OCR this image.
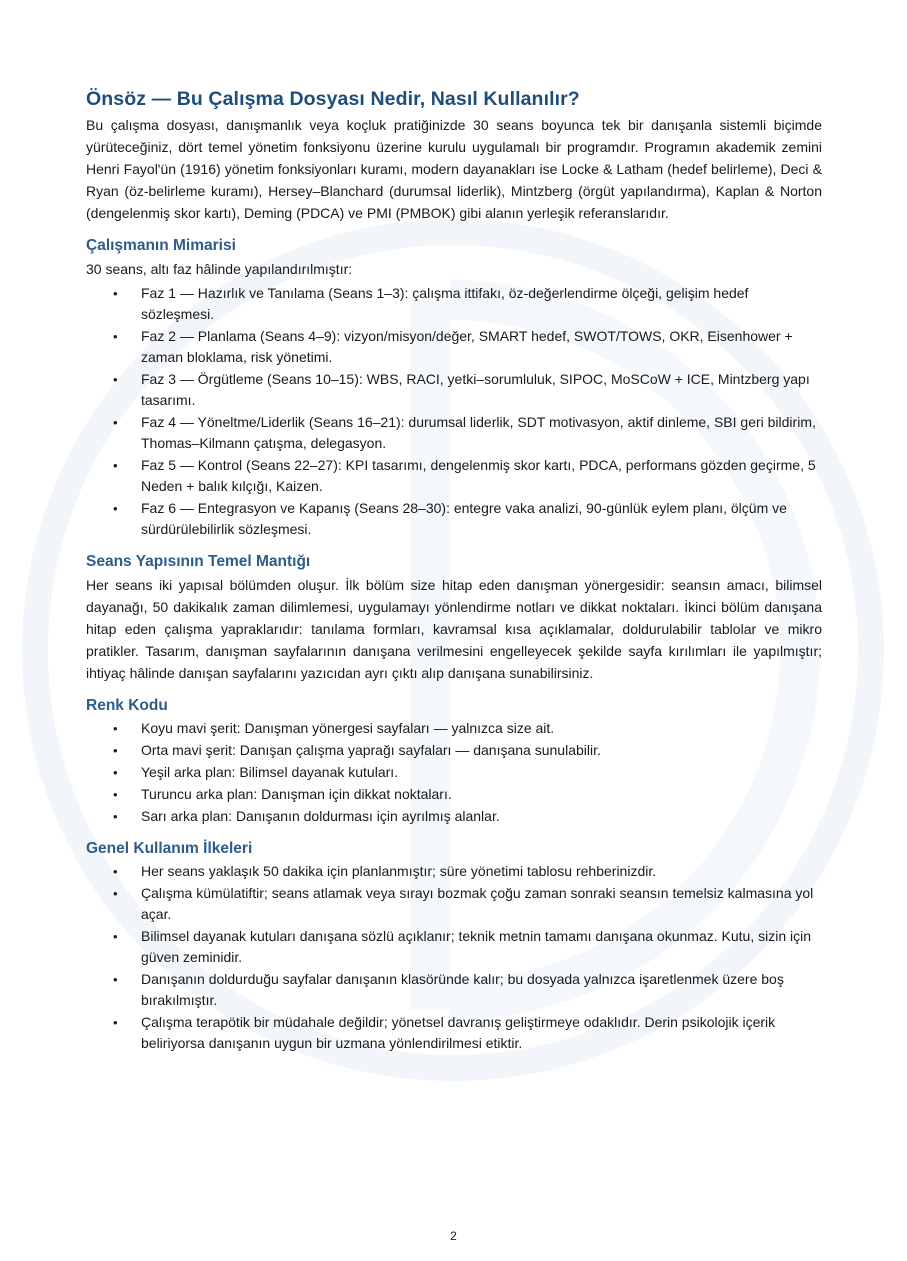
Önsöz — Bu Çalışma Dosyası Nedir, Nasıl Kullanılır?

Bu çalışma dosyası, danışmanlık veya koçluk pratiğinizde 30 seans boyunca tek bir danışanla sistemli biçimde yürüteceğiniz, dört temel yönetim fonksiyonu üzerine kurulu uygulamalı bir programdır. Programın akademik zemini Henri Fayol'ün (1916) yönetim fonksiyonları kuramı, modern dayanakları ise Locke & Latham (hedef belirleme), Deci & Ryan (öz-belirleme kuramı), Hersey–Blanchard (durumsal liderlik), Mintzberg (örgüt yapılandırma), Kaplan & Norton (dengelenmiş skor kartı), Deming (PDCA) ve PMI (PMBOK) gibi alanın yerleşik referanslarıdır.

Çalışmanın Mimarisi

30 seans, altı faz hâlinde yapılandırılmıştır:

• Faz 1 — Hazırlık ve Tanılama (Seans 1–3): çalışma ittifakı, öz-değerlendirme ölçeği, gelişim hedef sözleşmesi.
• Faz 2 — Planlama (Seans 4–9): vizyon/misyon/değer, SMART hedef, SWOT/TOWS, OKR, Eisenhower + zaman bloklama, risk yönetimi.
• Faz 3 — Örgütleme (Seans 10–15): WBS, RACI, yetki–sorumluluk, SIPOC, MoSCoW + ICE, Mintzberg yapı tasarımı.
• Faz 4 — Yöneltme/Liderlik (Seans 16–21): durumsal liderlik, SDT motivasyon, aktif dinleme, SBI geri bildirim, Thomas–Kilmann çatışma, delegasyon.
• Faz 5 — Kontrol (Seans 22–27): KPI tasarımı, dengelenmiş skor kartı, PDCA, performans gözden geçirme, 5 Neden + balık kılçığı, Kaizen.
• Faz 6 — Entegrasyon ve Kapanış (Seans 28–30): entegre vaka analizi, 90-günlük eylem planı, ölçüm ve sürdürülebilirlik sözleşmesi.
Seans Yapısının Temel Mantığı

Her seans iki yapısal bölümden oluşur. İlk bölüm size hitap eden danışman yönergesidir: seansın amacı, bilimsel dayanağı, 50 dakikalık zaman dilimlemesi, uygulamayı yönlendirme notları ve dikkat noktaları. İkinci bölüm danışana hitap eden çalışma yapraklarıdır: tanılama formları, kavramsal kısa açıklamalar, doldurulabilir tablolar ve mikro pratikler. Tasarım, danışman sayfalarının danışana verilmesini engelleyecek şekilde sayfa kırılımları ile yapılmıştır; ihtiyaç hâlinde danışan sayfalarını yazıcıdan ayrı çıktı alıp danışana sunabilirsiniz.

Renk Kodu
• Koyu mavi şerit: Danışman yönergesi sayfaları — yalnızca size ait.
• Orta mavi şerit: Danışan çalışma yaprağı sayfaları — danışana sunulabilir.
• Yeşil arka plan: Bilimsel dayanak kutuları.
• Turuncu arka plan: Danışman için dikkat noktaları.
• Sarı arka plan: Danışanın doldurması için ayrılmış alanlar.
Genel Kullanım İlkeleri
• Her seans yaklaşık 50 dakika için planlanmıştır; süre yönetimi tablosu rehberinizdir.
• Çalışma kümülatiftir; seans atlamak veya sırayı bozmak çoğu zaman sonraki seansın temelsiz kalmasına yol açar.
• Bilimsel dayanak kutuları danışana sözlü açıklanır; teknik metnin tamamı danışana okunmaz. Kutu, sizin için güven zeminidir.
• Danışanın doldurduğu sayfalar danışanın klasöründe kalır; bu dosyada yalnızca işaretlenmek üzere boş bırakılmıştır.
• Çalışma terapötik bir müdahale değildir; yönetsel davranış geliştirmeye odaklıdır. Derin psikolojik içerik beliriyorsa danışanın uygun bir uzmana yönlendirilmesi etiktir.
2
